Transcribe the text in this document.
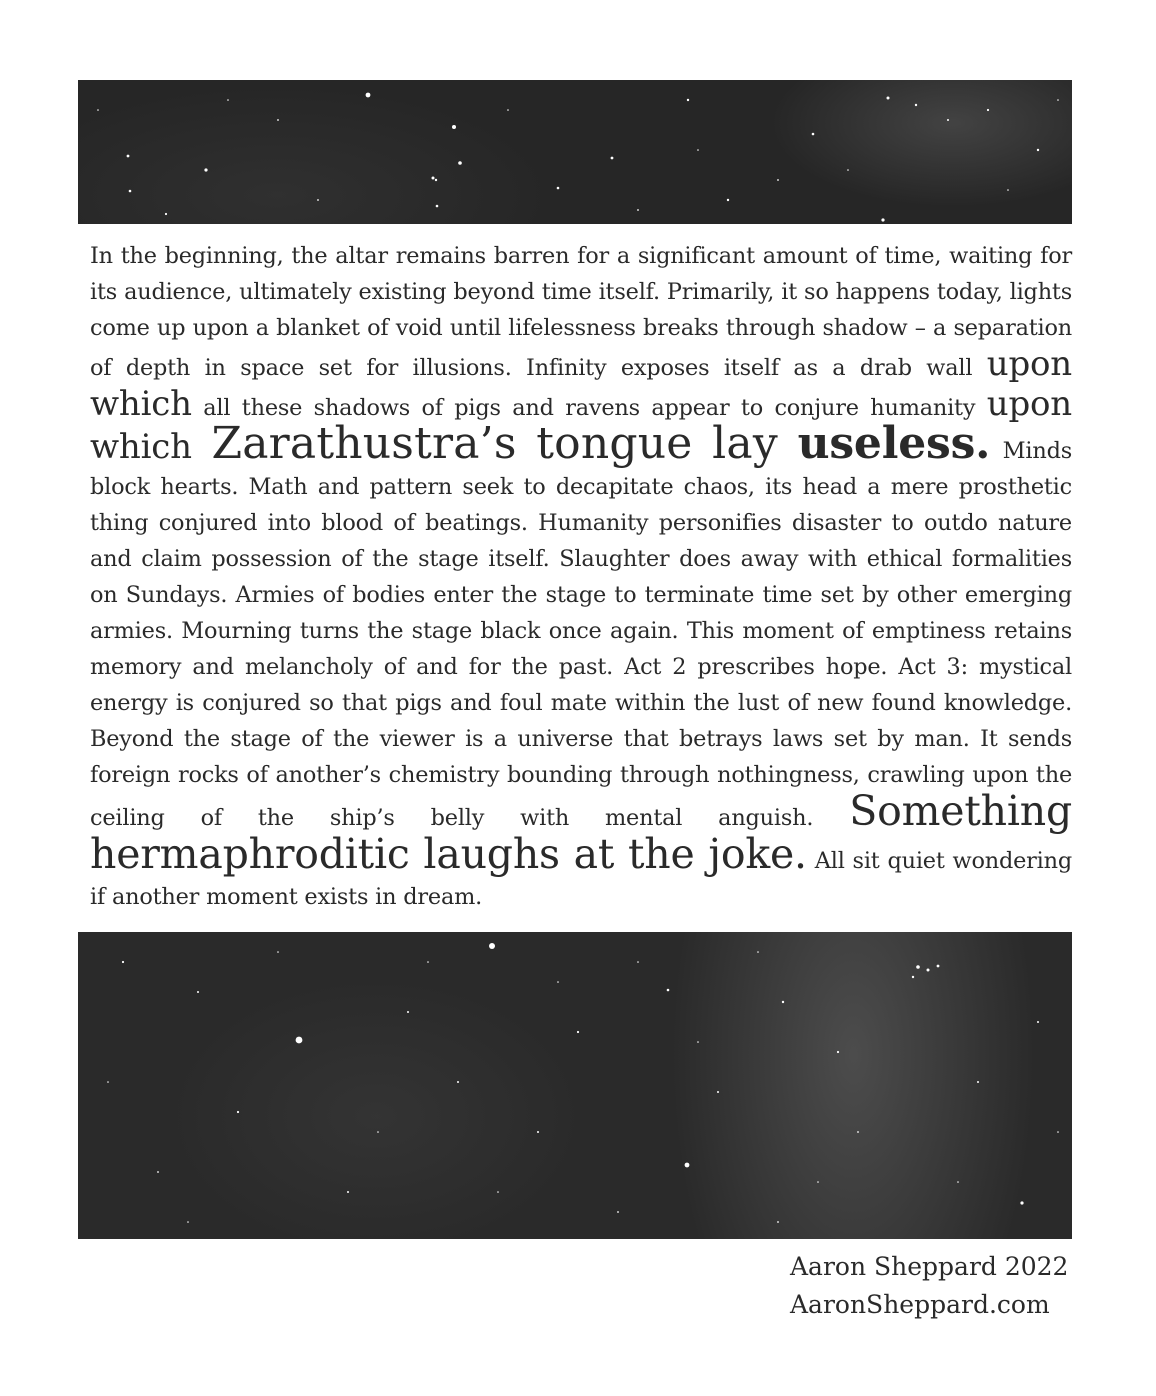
In the beginning, the altar remains barren for a significant amount of time, waiting for its audience, ultimately existing beyond time itself. Primarily, it so happens today, lights come up upon a blanket of void until lifelessness breaks through shadow – a separation of depth in space set for illusions. Infinity exposes itself as a drab wall upon which all these shadows of pigs and ravens appear to conjure humanity upon which Zarathustra’s tongue lay useless. Minds block hearts. Math and pattern seek to decapitate chaos, its head a mere prosthetic thing conjured into blood of beatings. Humanity personifies disaster to outdo nature and claim possession of the stage itself. Slaughter does away with ethical formalities on Sundays. Armies of bodies enter the stage to terminate time set by other emerging armies. Mourning turns the stage black once again. This moment of emptiness retains memory and melancholy of and for the past. Act 2 prescribes hope. Act 3: mystical energy is conjured so that pigs and foul mate within the lust of new found knowledge. Beyond the stage of the viewer is a universe that betrays laws set by man. It sends foreign rocks of another’s chemistry bounding through nothingness, crawling upon the ceiling of the ship’s belly with mental anguish. Something hermaphroditic laughs at the joke. All sit quiet wondering if another moment exists in dream.

Aaron Sheppard 2022
AaronSheppard.com
